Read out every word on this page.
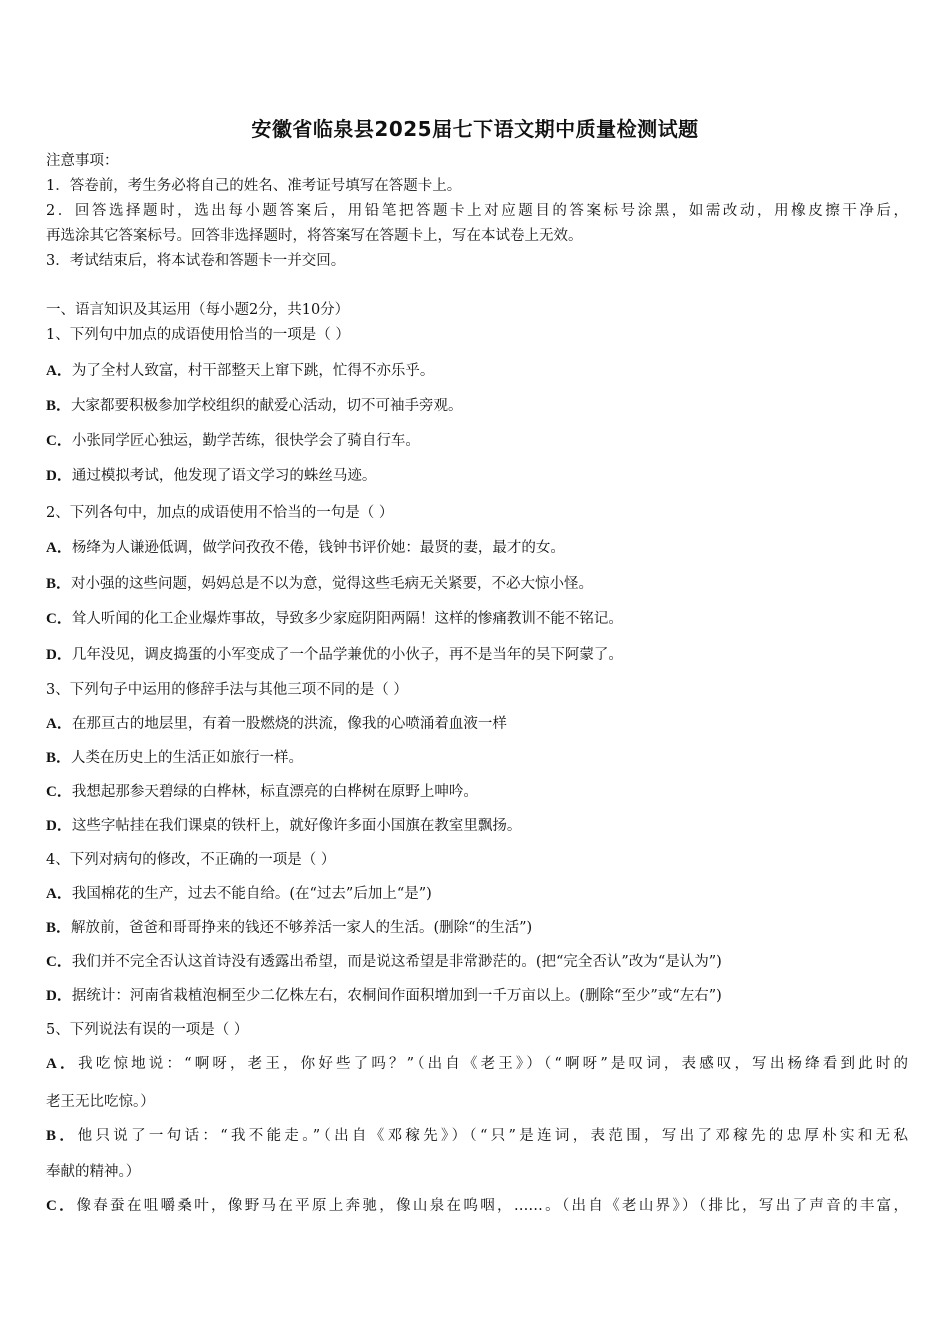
安徽省临泉县2025届七下语文期中质量检测试题
注意事项：
1．答卷前，考生务必将自己的姓名、准考证号填写在答题卡上。
2．回答选择题时，选出每小题答案后，用铅笔把答题卡上对应题目的答案标号涂黑，如需改动，用橡皮擦干净后，
再选涂其它答案标号。回答非选择题时，将答案写在答题卡上，写在本试卷上无效。
3．考试结束后，将本试卷和答题卡一并交回。
一、语言知识及其运用（每小题2分，共10分）
1、下列句中加点的成语使用恰当的一项是（ ）
A．为了全村人致富，村干部整天上窜下跳，忙得不亦乐乎。
B．大家都要积极参加学校组织的献爱心活动，切不可袖手旁观。
C．小张同学匠心独运，勤学苦练，很快学会了骑自行车。
D．通过模拟考试，他发现了语文学习的蛛丝马迹。
2、下列各句中，加点的成语使用不恰当的一句是（ ）
A．杨绛为人谦逊低调，做学问孜孜不倦，钱钟书评价她：最贤的妻，最才的女。
B．对小强的这些问题，妈妈总是不以为意，觉得这些毛病无关紧要，不必大惊小怪。
C．耸人听闻的化工企业爆炸事故，导致多少家庭阴阳两隔！这样的惨痛教训不能不铭记。
D．几年没见，调皮捣蛋的小军变成了一个品学兼优的小伙子，再不是当年的吴下阿蒙了。
3、下列句子中运用的修辞手法与其他三项不同的是（ ）
A．在那亘古的地层里，有着一股燃烧的洪流，像我的心喷涌着血液一样
B．人类在历史上的生活正如旅行一样。
C．我想起那参天碧绿的白桦林，标直漂亮的白桦树在原野上呻吟。
D．这些字帖挂在我们课桌的铁杆上，就好像许多面小国旗在教室里飘扬。
4、下列对病句的修改，不正确的一项是（ ）
A．我国棉花的生产，过去不能自给。(在“过去”后加上“是”)
B．解放前，爸爸和哥哥挣来的钱还不够养活一家人的生活。(删除“的生活”)
C．我们并不完全否认这首诗没有透露出希望，而是说这希望是非常渺茫的。(把“完全否认”改为“是认为”)
D．据统计：河南省栽植泡桐至少二亿株左右，农桐间作面积增加到一千万亩以上。(删除“至少”或“左右”)
5、下列说法有误的一项是（ ）
A．我吃惊地说：“啊呀，老王，你好些了吗？”（出自《老王》）（“啊呀”是叹词，表感叹，写出杨绛看到此时的
老王无比吃惊。）
B．他只说了一句话：“我不能走。”（出自《邓稼先》）（“只”是连词，表范围，写出了邓稼先的忠厚朴实和无私
奉献的精神。）
C．像春蚕在咀嚼桑叶，像野马在平原上奔驰，像山泉在呜咽，……。（出自《老山界》）（排比，写出了声音的丰富，
